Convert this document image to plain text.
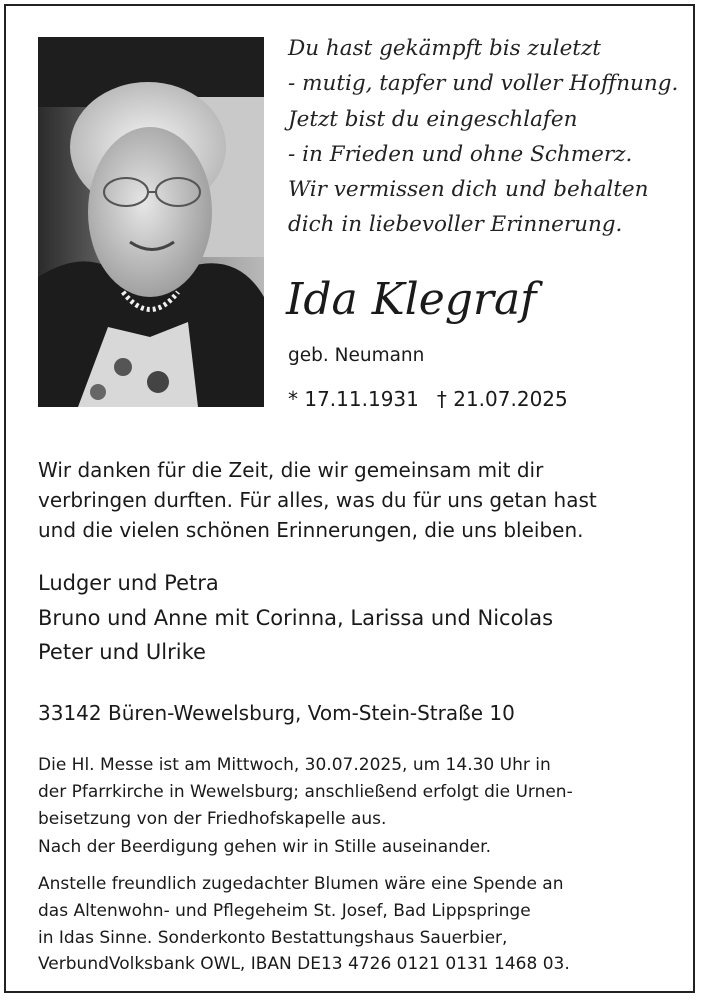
Du hast gekämpft bis zuletzt
- mutig, tapfer und voller Hoffnung.
Jetzt bist du eingeschlafen
- in Frieden und ohne Schmerz.
Wir vermissen dich und behalten
dich in liebevoller Erinnerung.
Ida Klegraf
geb. Neumann
* 17.11.1931 † 21.07.2025
Wir danken für die Zeit, die wir gemeinsam mit dir
verbringen durften. Für alles, was du für uns getan hast
und die vielen schönen Erinnerungen, die uns bleiben.
Ludger und Petra
Bruno und Anne mit Corinna, Larissa und Nicolas
Peter und Ulrike
33142 Büren-Wewelsburg, Vom-Stein-Straße 10
Die Hl. Messe ist am Mittwoch, 30.07.2025, um 14.30 Uhr in
der Pfarrkirche in Wewelsburg; anschließend erfolgt die Urnen-
beisetzung von der Friedhofskapelle aus.
Nach der Beerdigung gehen wir in Stille auseinander.
Anstelle freundlich zugedachter Blumen wäre eine Spende an
das Altenwohn- und Pflegeheim St. Josef, Bad Lippspringe
in Idas Sinne. Sonderkonto Bestattungshaus Sauerbier,
VerbundVolksbank OWL, IBAN DE13 4726 0121 0131 1468 03.
